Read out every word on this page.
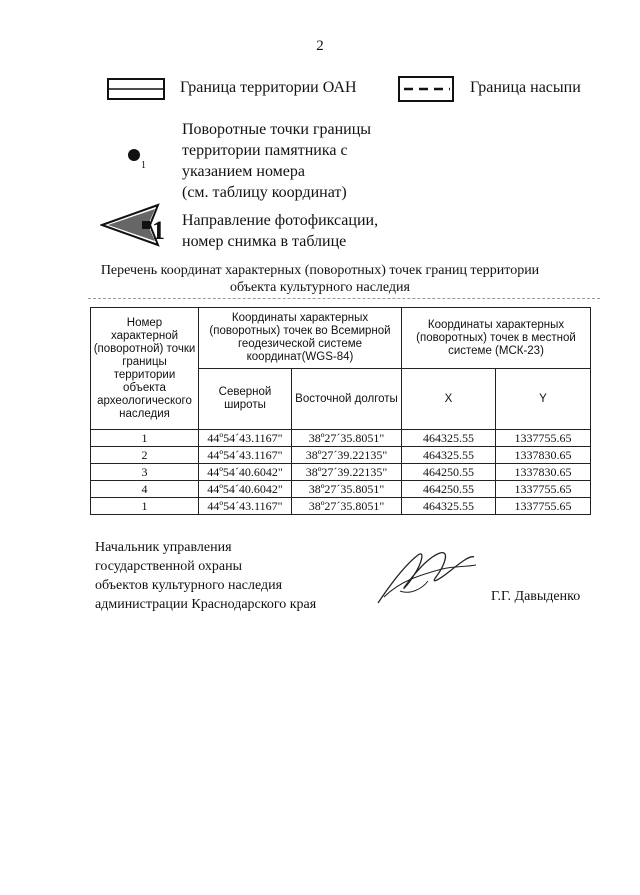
2
Граница территории ОАН	Граница насыпи
1
Поворотные точки границы
территории памятника с
указанием номера
(см. таблицу координат)
1 Направление фотофиксации,
номер снимка в таблице
Перечень координат характерных (поворотных) точек границ территории
объекта культурного наследия
Номер характерной (поворотной) точки границы территории объекта археологического наследия	Координаты характерных (поворотных) точек во Всемирной геодезической системе координат(WGS-84)		Координаты характерных (поворотных) точек в местной системе (МСК-23)	
	Северной широты	Восточной долготы	X	Y
1	44º54´43.1167"	38º27´35.8051"	464325.55	1337755.65
2	44º54´43.1167"	38º27´39.22135"	464325.55	1337830.65
3	44º54´40.6042"	38º27´39.22135"	464250.55	1337830.65
4	44º54´40.6042"	38º27´35.8051"	464250.55	1337755.65
1	44º54´43.1167"	38º27´35.8051"	464325.55	1337755.65
Начальник управления
государственной охраны
объектов культурного наследия
администрации Краснодарского края
Г.Г. Давыденко
